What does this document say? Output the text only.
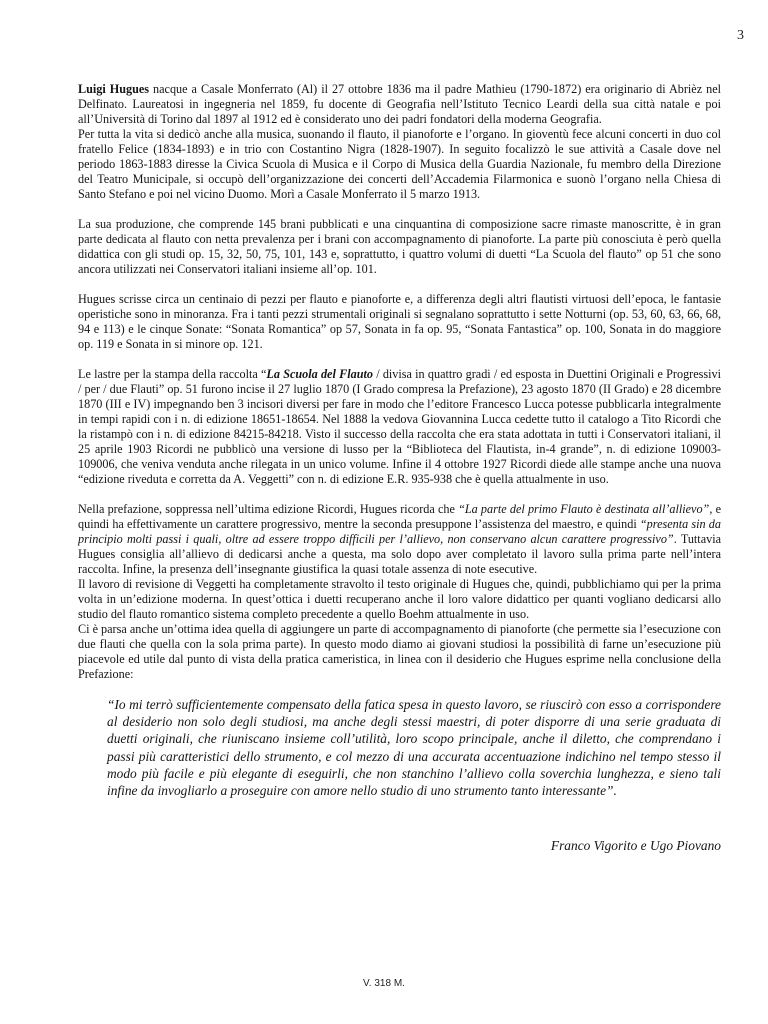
3

Luigi Hugues nacque a Casale Monferrato (Al) il 27 ottobre 1836 ma il padre Mathieu (1790-1872) era originario di Abrièz nel Delfinato. Laureatosi in ingegneria nel 1859, fu docente di Geografia nell’Istituto Tecnico Leardi della sua città natale e poi all’Università di Torino dal 1897 al 1912 ed è considerato uno dei padri fondatori della moderna Geografia.

Per tutta la vita si dedicò anche alla musica, suonando il flauto, il pianoforte e l’organo. In gioventù fece alcuni concerti in duo col fratello Felice (1834-1893) e in trio con Costantino Nigra (1828-1907). In seguito focalizzò le sue attività a Casale dove nel periodo 1863-1883 diresse la Civica Scuola di Musica e il Corpo di Musica della Guardia Nazionale, fu membro della Direzione del Teatro Municipale, si occupò dell’organizzazione dei concerti dell’Accademia Filarmonica e suonò l’organo nella Chiesa di Santo Stefano e poi nel vicino Duomo. Morì a Casale Monferrato il 5 marzo 1913.

La sua produzione, che comprende 145 brani pubblicati e una cinquantina di composizione sacre rimaste manoscritte, è in gran parte dedicata al flauto con netta prevalenza per i brani con accompagnamento di pianoforte. La parte più conosciuta è però quella didattica con gli studi op. 15, 32, 50, 75, 101, 143 e, soprattutto, i quattro volumi di duetti “La Scuola del flauto” op 51 che sono ancora utilizzati nei Conservatori italiani insieme all’op. 101.

Hugues scrisse circa un centinaio di pezzi per flauto e pianoforte e, a differenza degli altri flautisti virtuosi dell’epoca, le fantasie operistiche sono in minoranza. Fra i tanti pezzi strumentali originali si segnalano soprattutto i sette Notturni (op. 53, 60, 63, 66, 68, 94 e 113) e le cinque Sonate: “Sonata Romantica” op 57, Sonata in fa op. 95, “Sonata Fantastica” op. 100, Sonata in do maggiore op. 119 e Sonata in si minore op. 121.

Le lastre per la stampa della raccolta “La Scuola del Flauto / divisa in quattro gradi / ed esposta in Duettini Originali e Progressivi / per / due Flauti” op. 51 furono incise il 27 luglio 1870 (I Grado compresa la Prefazione), 23 agosto 1870 (II Grado) e 28 dicembre 1870 (III e IV) impegnando ben 3 incisori diversi per fare in modo che l’editore Francesco Lucca potesse pubblicarla integralmente in tempi rapidi con i n. di edizione 18651-18654. Nel 1888 la vedova Giovannina Lucca cedette tutto il catalogo a Tito Ricordi che la ristampò con i n. di edizione 84215-84218. Visto il successo della raccolta che era stata adottata in tutti i Conservatori italiani, il 25 aprile 1903 Ricordi ne pubblicò una versione di lusso per la “Biblioteca del Flautista, in-4 grande”, n. di edizione 109003-109006, che veniva venduta anche rilegata in un unico volume. Infine il 4 ottobre 1927 Ricordi diede alle stampe anche una nuova “edizione riveduta e corretta da A. Veggetti” con n. di edizione E.R. 935-938 che è quella attualmente in uso.

Nella prefazione, soppressa nell’ultima edizione Ricordi, Hugues ricorda che “La parte del primo Flauto è destinata all’allievo”, e quindi ha effettivamente un carattere progressivo, mentre la seconda presuppone l’assistenza del maestro, e quindi “presenta sin da principio molti passi i quali, oltre ad essere troppo difficili per l’allievo, non conservano alcun carattere progressivo”. Tuttavia Hugues consiglia all’allievo di dedicarsi anche a questa, ma solo dopo aver completato il lavoro sulla prima parte nell’intera raccolta. Infine, la presenza dell’insegnante giustifica la quasi totale assenza di note esecutive.

Il lavoro di revisione di Veggetti ha completamente stravolto il testo originale di Hugues che, quindi, pubblichiamo qui per la prima volta in un’edizione moderna. In quest’ottica i duetti recuperano anche il loro valore didattico per quanti vogliano dedicarsi allo studio del flauto romantico sistema completo precedente a quello Boehm attualmente in uso.

Ci è parsa anche un’ottima idea quella di aggiungere un parte di accompagnamento di pianoforte (che permette sia l’esecuzione con due flauti che quella con la sola prima parte). In questo modo diamo ai giovani studiosi la possibilità di farne un’esecuzione più piacevole ed utile dal punto di vista della pratica cameristica, in linea con il desiderio che Hugues esprime nella conclusione della Prefazione:

“Io mi terrò sufficientemente compensato della fatica spesa in questo lavoro, se riuscirò con esso a corrispondere al desiderio non solo degli studiosi, ma anche degli stessi maestri, di poter disporre di una serie graduata di duetti originali, che riuniscano insieme coll’utilità, loro scopo principale, anche il diletto, che comprendano i passi più caratteristici dello strumento, e col mezzo di una accurata accentuazione indichino nel tempo stesso il modo più facile e più elegante di eseguirli, che non stanchino l’allievo colla soverchia lunghezza, e sieno tali infine da invogliarlo a proseguire con amore nello studio di uno strumento tanto interessante”.
Franco Vigorito e Ugo Piovano
V. 318 M.
